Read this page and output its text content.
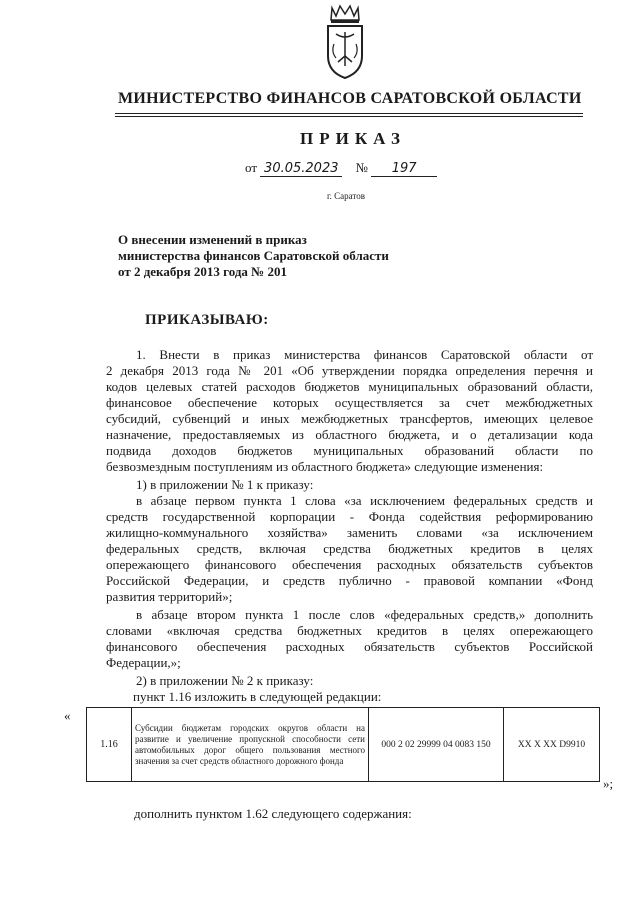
МИНИСТЕРСТВО ФИНАНСОВ САРАТОВСКОЙ ОБЛАСТИ
ПРИКАЗ
от 30.05.2023 № 197
г. Саратов
О внесении изменений в приказ
министерства финансов Саратовской области
от 2 декабря 2013 года № 201
ПРИКАЗЫВАЮ:
1. Внести в приказ министерства финансов Саратовской области от
2 декабря 2013 года № 201 «Об утверждении порядка определения перечня и
кодов целевых статей расходов бюджетов муниципальных образований области,
финансовое обеспечение которых осуществляется за счет межбюджетных
субсидий, субвенций и иных межбюджетных трансфертов, имеющих целевое
назначение, предоставляемых из областного бюджета, и о детализации кода
подвида доходов бюджетов муниципальных образований области по
безвозмездным поступлениям из областного бюджета» следующие изменения:
1) в приложении № 1 к приказу:
в абзаце первом пункта 1 слова «за исключением федеральных средств и
средств государственной корпорации - Фонда содействия реформированию
жилищно-коммунального хозяйства» заменить словами «за исключением
федеральных средств, включая средства бюджетных кредитов в целях
опережающего финансового обеспечения расходных обязательств субъектов
Российской Федерации, и средств публично - правовой компании «Фонд
развития территорий»;
в абзаце втором пункта 1 после слов «федеральных средств,» дополнить
словами «включая средства бюджетных кредитов в целях опережающего
финансового обеспечения расходных обязательств субъектов Российской
Федерации,»;
2) в приложении № 2 к приказу:
пункт 1.16 изложить в следующей редакции:
«
1.16	Субсидии бюджетам городских округов области на развитие и увеличение пропускной способности сети автомобильных дорог общего пользования местного значения за счет средств областного дорожного фонда	000 2 02 29999 04 0083 150	XX X XX D9910
»;
дополнить пунктом 1.62 следующего содержания:
